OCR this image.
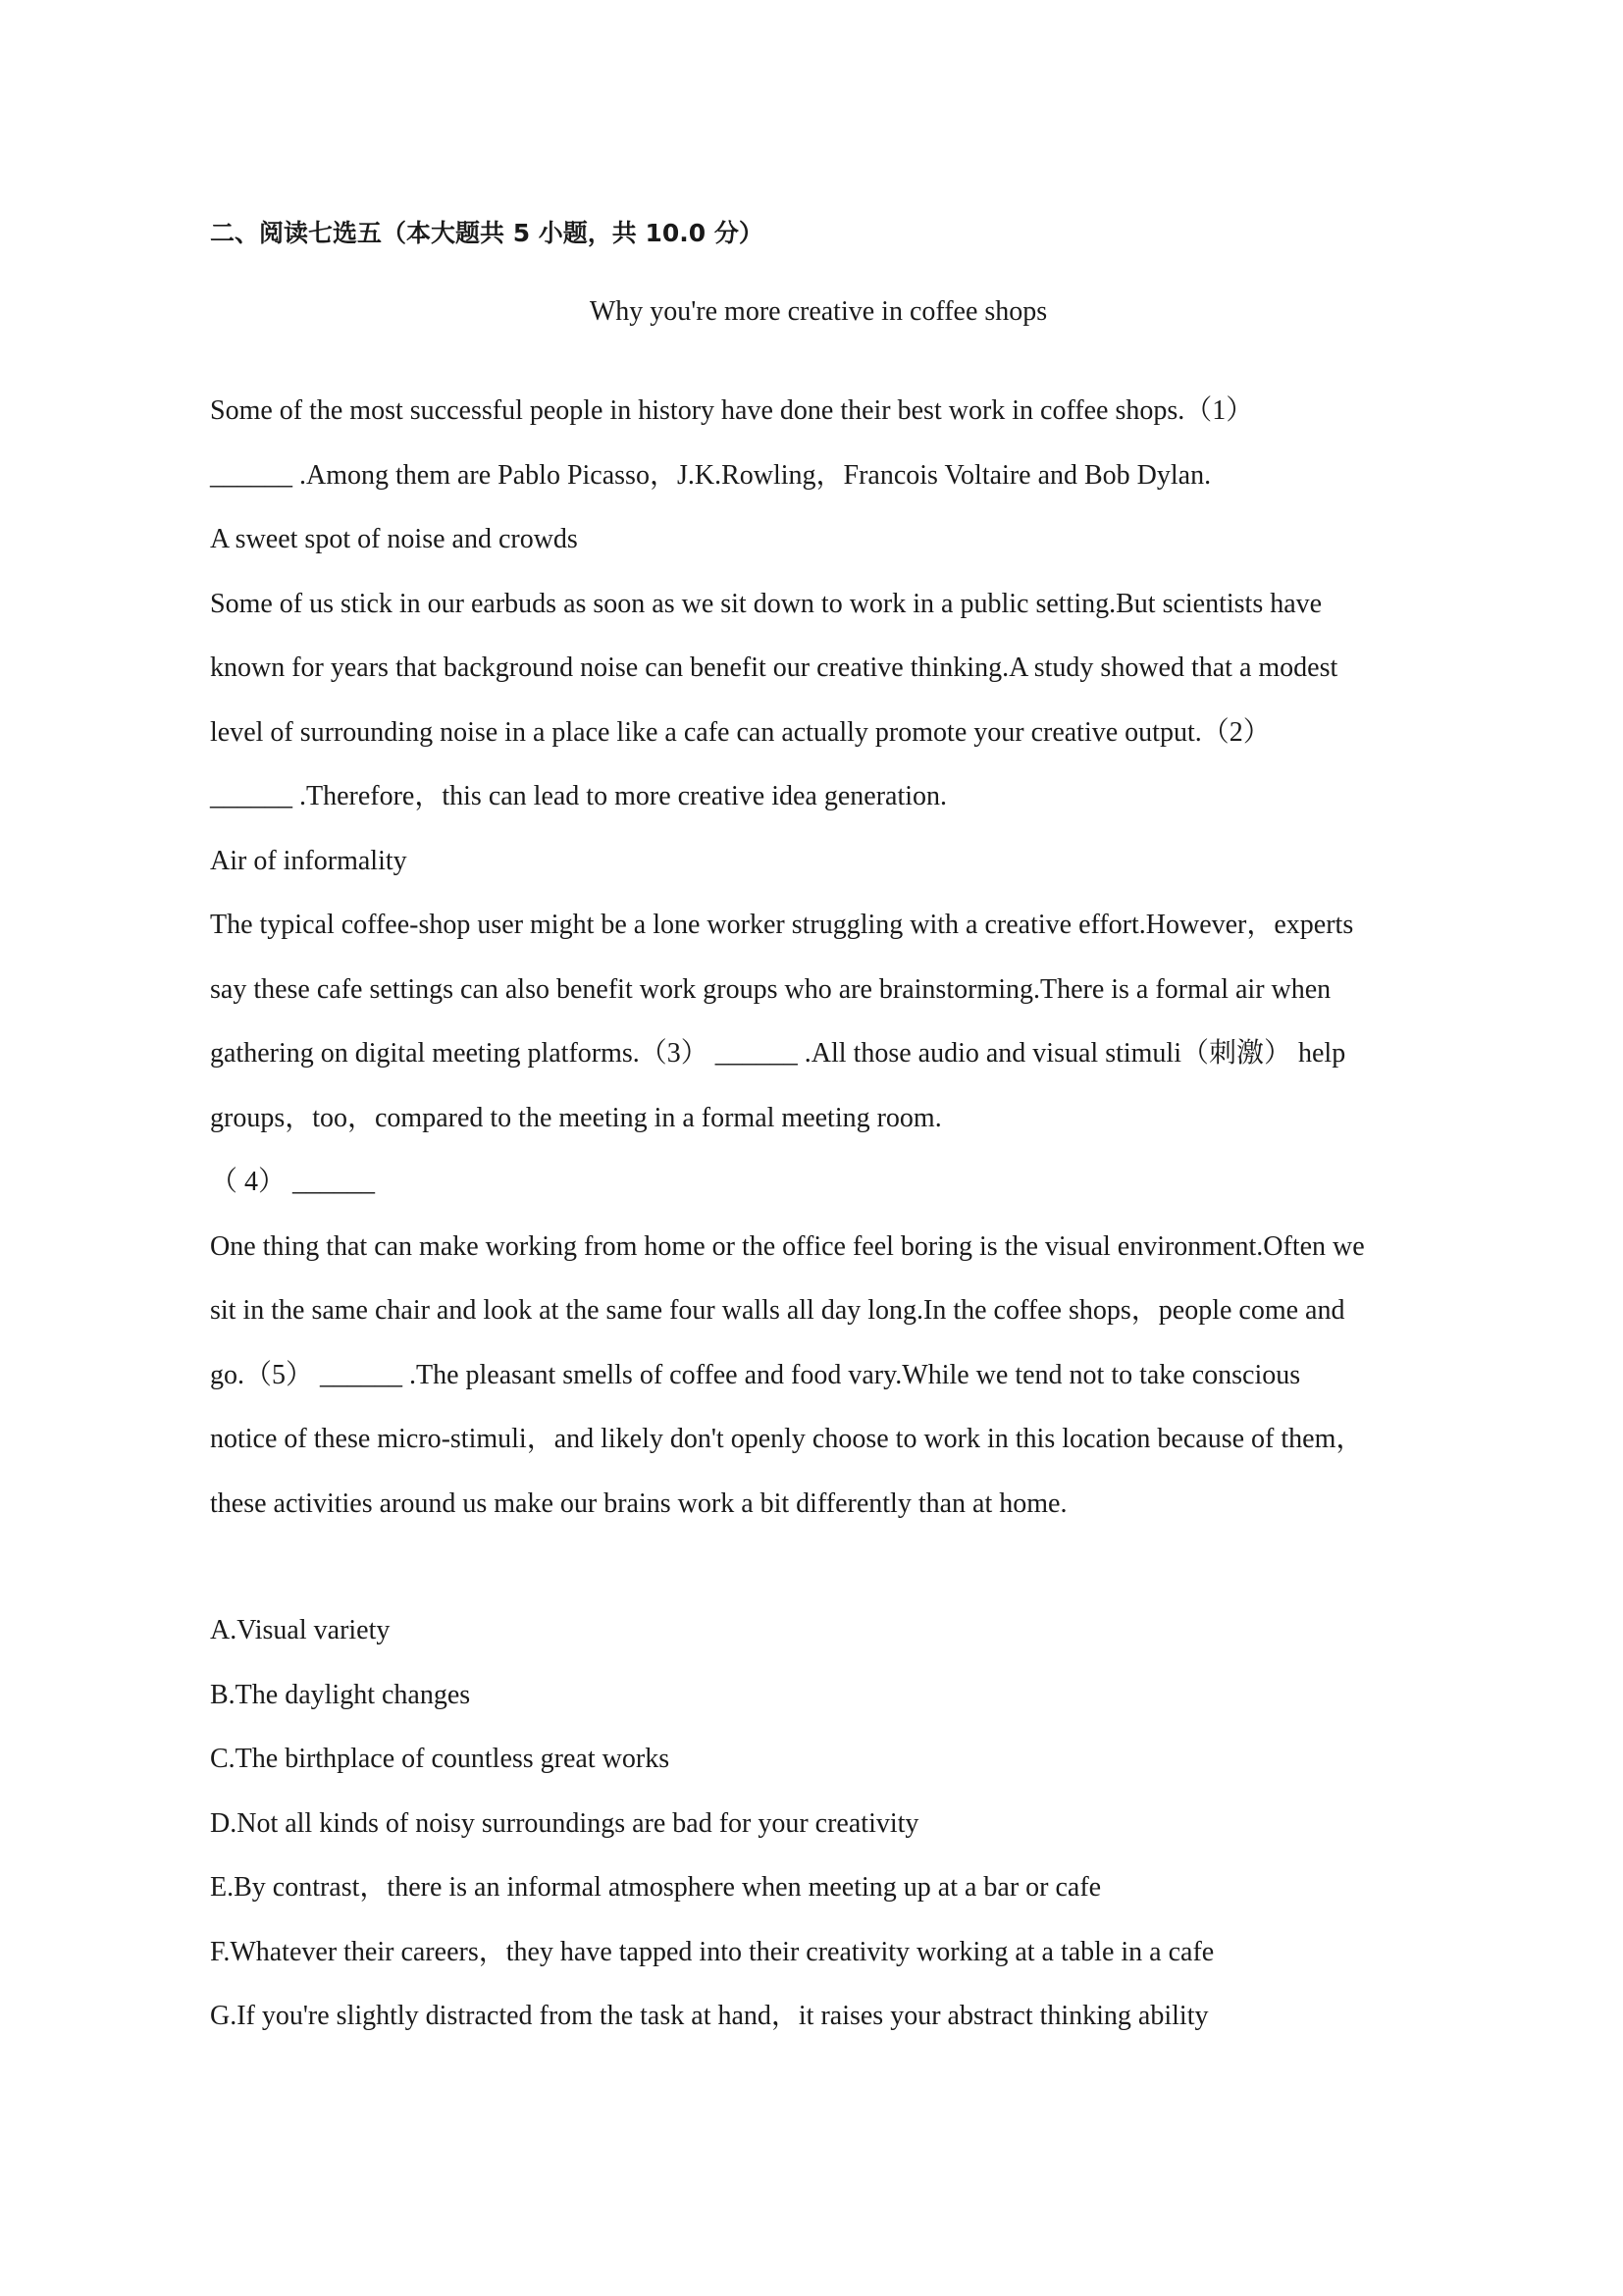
二、阅读七选五（本大题共 5 小题，共 10.0 分）
Why you're more creative in coffee shops

Some of the most successful people in history have done their best work in coffee shops.（1）

______ .Among them are Pablo Picasso，J.K.Rowling，Francois Voltaire and Bob Dylan.

A sweet spot of noise and crowds

Some of us stick in our earbuds as soon as we sit down to work in a public setting.But scientists have

known for years that background noise can benefit our creative thinking.A study showed that a modest

level of surrounding noise in a place like a cafe can actually promote your creative output.（2）

______ .Therefore，this can lead to more creative idea generation.

Air of informality

The typical coffee-shop user might be a lone worker struggling with a creative effort.However，experts

say these cafe settings can also benefit work groups who are brainstorming.There is a formal air when

gathering on digital meeting platforms.（3） ______ .All those audio and visual stimuli（刺激） help

groups，too，compared to the meeting in a formal meeting room.

（ 4） ______

One thing that can make working from home or the office feel boring is the visual environment.Often we

sit in the same chair and look at the same four walls all day long.In the coffee shops，people come and

go.（5） ______ .The pleasant smells of coffee and food vary.While we tend not to take conscious

notice of these micro-stimuli，and likely don't openly choose to work in this location because of them，

these activities around us make our brains work a bit differently than at home.

A.Visual variety

B.The daylight changes

C.The birthplace of countless great works

D.Not all kinds of noisy surroundings are bad for your creativity

E.By contrast，there is an informal atmosphere when meeting up at a bar or cafe

F.Whatever their careers，they have tapped into their creativity working at a table in a cafe

G.If you're slightly distracted from the task at hand，it raises your abstract thinking ability
